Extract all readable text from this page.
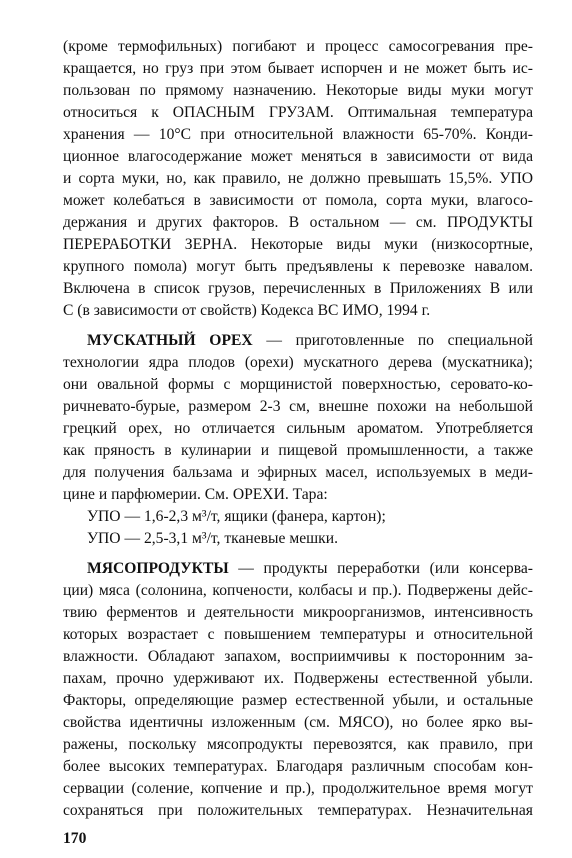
(кроме термофильных) погибают и процесс самосогревания пре-
кращается, но груз при этом бывает испорчен и не может быть ис-
пользован по прямому назначению. Некоторые виды муки могут
относиться к ОПАСНЫМ ГРУЗАМ. Оптимальная температура
хранения — 10°С при относительной влажности 65-70%. Конди-
ционное влагосодержание может меняться в зависимости от вида
и сорта муки, но, как правило, не должно превышать 15,5%. УПО
может колебаться в зависимости от помола, сорта муки, влагосо-
держания и других факторов. В остальном — см. ПРОДУКТЫ
ПЕРЕРАБОТКИ ЗЕРНА. Некоторые виды муки (низкосортные,
крупного помола) могут быть предъявлены к перевозке навалом.
Включена в список грузов, перечисленных в Приложениях В или
С (в зависимости от свойств) Кодекса ВС ИМО, 1994 г.
МУСКАТНЫЙ ОРЕХ — приготовленные по специальной
технологии ядра плодов (орехи) мускатного дерева (мускатника);
они овальной формы с морщинистой поверхностью, серовато-ко-
ричневато-бурые, размером 2-3 см, внешне похожи на небольшой
грецкий орех, но отличается сильным ароматом. Употребляется
как пряность в кулинарии и пищевой промышленности, а также
для получения бальзама и эфирных масел, используемых в меди-
цине и парфюмерии. См. ОРЕХИ. Тара:
УПО — 1,6-2,3 м³/т, ящики (фанера, картон);
УПО — 2,5-3,1 м³/т, тканевые мешки.
МЯСОПРОДУКТЫ — продукты переработки (или консерва-
ции) мяса (солонина, копчености, колбасы и пр.). Подвержены дейс-
твию ферментов и деятельности микроорганизмов, интенсивность
которых возрастает с повышением температуры и относительной
влажности. Обладают запахом, восприимчивы к посторонним за-
пахам, прочно удерживают их. Подвержены естественной убыли.
Факторы, определяющие размер естественной убыли, и остальные
свойства идентичны изложенным (см. МЯСО), но более ярко вы-
ражены, поскольку мясопродукты перевозятся, как правило, при
более высоких температурах. Благодаря различным способам кон-
сервации (соление, копчение и пр.), продолжительное время могут
сохраняться при положительных температурах. Незначительная
170
